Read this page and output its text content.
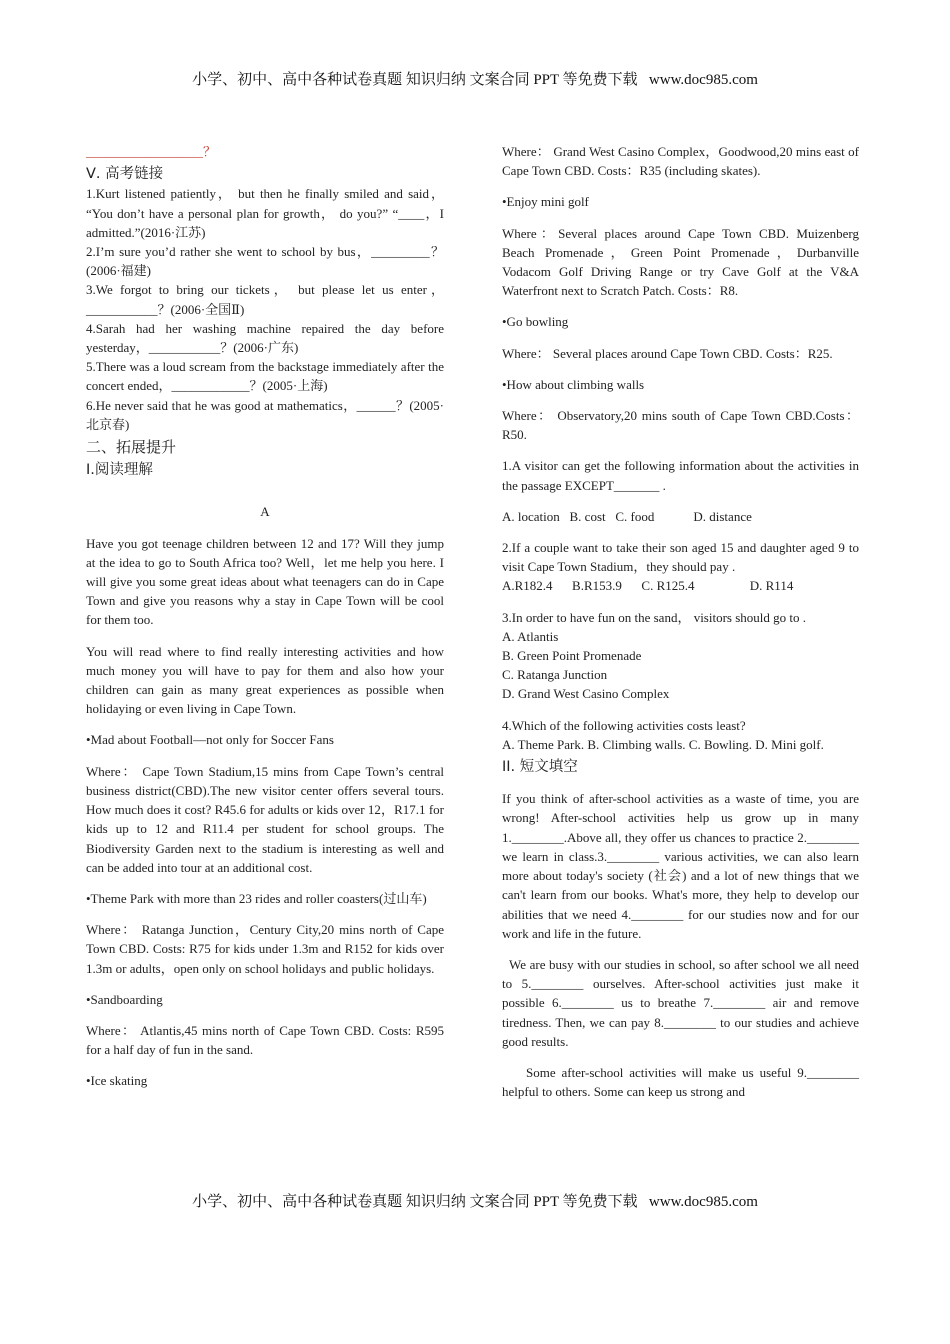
小学、初中、高中各种试卷真题 知识归纳 文案合同 PPT 等免费下载   www.doc985.com
__________________？
Ⅴ. 高考链接
1.Kurt listened patiently， but then he finally smiled and said， “You don’t have a personal plan for growth， do you?” “____，I admitted.”(2016·江苏)
2.I’m sure you’d rather she went to school by bus，_________？(2006·福建)
3.We forgot to bring our tickets， but please let us enter，___________？(2006·全国Ⅱ)
4.Sarah had her washing machine repaired the day before yesterday，___________？(2006·广东)
5.There was a loud scream from the backstage immediately after the concert ended，____________？(2005·上海)
6.He never said that he was good at mathematics，______？(2005·北京春)
二、拓展提升
I.阅读理解
A
Have you got teenage children between 12 and 17? Will they jump at the idea to go to South Africa too? Well，let me help you here. I will give you some great ideas about what teenagers can do in Cape Town and give you reasons why a stay in Cape Town will be cool for them too.
You will read where to find really interesting activities and how much money you will have to pay for them and also how your children can gain as many great experiences as possible when holidaying or even living in Cape Town.
•Mad about Football—not only for Soccer Fans
Where： Cape Town Stadium,15 mins from Cape Town’s central business district(CBD).The new visitor center offers several tours. How much does it cost? R45.6 for adults or kids over 12，R17.1 for kids up to 12 and R11.4 per student for school groups. The Biodiversity Garden next to the stadium is interesting as well and can be added into tour at an additional cost.
•Theme Park with more than 23 rides and roller coasters(过山车)
Where： Ratanga Junction，Century City,20 mins north of Cape Town CBD. Costs: R75 for kids under 1.3m and R152 for kids over 1.3m or adults，open only on school holidays and public holidays.
•Sandboarding
Where： Atlantis,45 mins north of Cape Town CBD. Costs: R595 for a half day of fun in the sand.
•Ice skating
Where： Grand West Casino Complex，Goodwood,20 mins east of Cape Town CBD. Costs：R35 (including skates).
•Enjoy mini golf
Where：Several places around Cape Town CBD. Muizenberg Beach Promenade，Green Point Promenade，Durbanville Vodacom Golf Driving Range or try Cave Golf at the V&A Waterfront next to Scratch Patch. Costs：R8.
•Go bowling
Where： Several places around Cape Town CBD. Costs：R25.
•How about climbing walls
Where： Observatory,20 mins south of Cape Town CBD.Costs：R50.
1.A visitor can get the following information about the activities in the passage EXCEPT_______ .
A. location   B. cost   C. food            D. distance
2.If a couple want to take their son aged 15 and daughter aged 9 to visit Cape Town Stadium，they should pay .
A.R182.4      B.R153.9      C. R125.4                 D. R114
3.In order to have fun on the sand， visitors should go to .
A. Atlantis
B. Green Point Promenade
C. Ratanga Junction
D. Grand West Casino Complex
4.Which of the following activities costs least?
A. Theme Park. B. Climbing walls. C. Bowling. D. Mini golf.
II. 短文填空
If you think of after-school activities as a waste of time, you are wrong! After-school activities help us grow up in many 1.________.Above all, they offer us chances to practice 2.________ we learn in class.3.________ various activities, we can also learn more about today's society (社会) and a lot of new things that we can't learn from our books. What's more, they help to develop our abilities that we need 4.________ for our studies now and for our work and life in the future.
We are busy with our studies in school, so after school we all need to 5.________ ourselves. After-school activities just make it possible 6.________ us to breathe 7.________ air and remove tiredness. Then, we can pay 8.________ to our studies and achieve good results.
Some after-school activities will make us useful 9.________ helpful to others. Some can keep us strong and
小学、初中、高中各种试卷真题 知识归纳 文案合同 PPT 等免费下载   www.doc985.com
